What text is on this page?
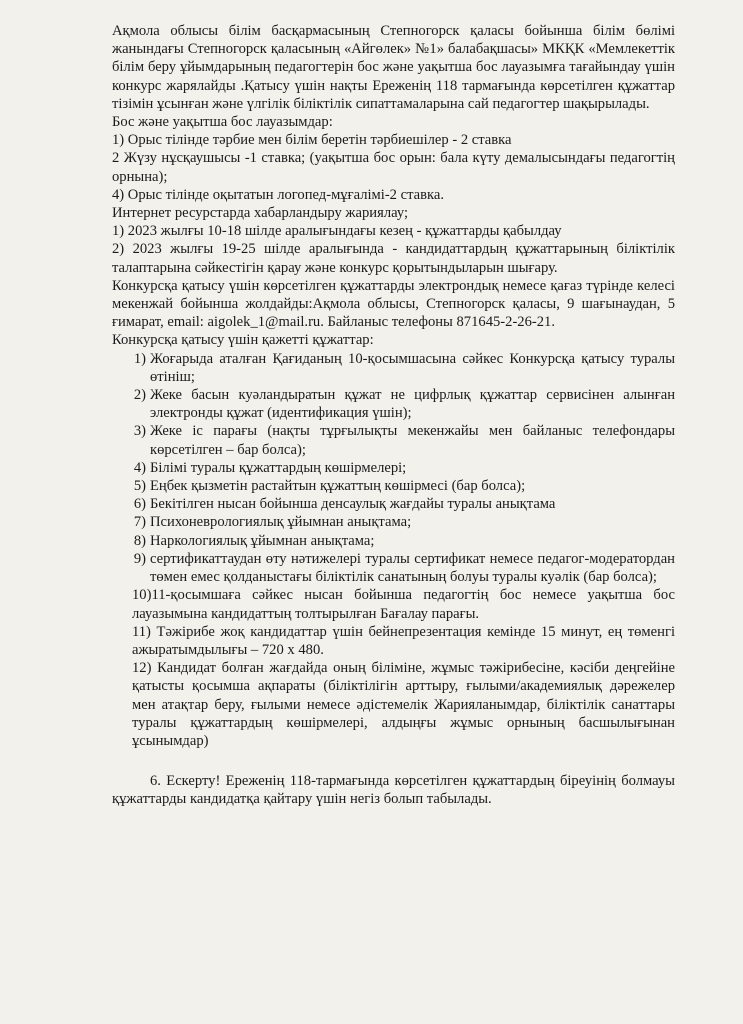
Ақмола облысы білім басқармасының Степногорск қаласы бойынша білім бөлімі жанындағы Степногорск қаласының «Айгөлек» №1» балабақшасы» МКҚК «Мемлекеттік білім беру ұйымдарының педагогтерін бос және уақытша бос лауазымға тағайындау үшін конкурс жарялайды .Қатысу үшін нақты Ереженің 118 тармағында көрсетілген құжаттар тізімін ұсынған және үлгілік біліктілік сипаттамаларына сай педагогтер шақырылады.

Бос және уақытша бос лауазымдар:

1) Орыс тілінде тәрбие мен білім беретін тәрбиешілер - 2 ставка

2 Жүзу нұсқаушысы -1 ставка; (уақытша бос орын: бала күту демалысындағы педагогтің орнына);

4) Орыс тілінде оқытатын логопед-мұғалімі-2 ставка.

Интернет ресурстарда хабарландыру жариялау;

1) 2023 жылғы 10-18 шілде аралығындағы кезең - құжаттарды қабылдау

2) 2023 жылғы 19-25 шілде аралығында - кандидаттардың құжаттарының біліктілік талаптарына сәйкестігін қарау және конкурс қорытындыларын шығару.

Конкурсқа қатысу үшін көрсетілген құжаттарды электрондық немесе қағаз түрінде келесі мекенжай бойынша жолдайды:Ақмола облысы, Степногорск қаласы, 9 шағынаудан, 5 ғимарат, email: aigolek_1@mail.ru. Байланыс телефоны 871645-2-26-21.

Конкурсқа қатысу үшін қажетті құжаттар:

1) Жоғарыда аталған Қағиданың 10-қосымшасына сәйкес Конкурсқа қатысу туралы өтініш;
2) Жеке басын куәландыратын құжат не цифрлық құжаттар сервисінен алынған электронды құжат (идентификация үшін);
3) Жеке іс парағы (нақты тұрғылықты мекенжайы мен байланыс телефондары көрсетілген – бар болса);
4) Білімі туралы құжаттардың көшірмелері;
5) Еңбек қызметін растайтын құжаттың көшірмесі (бар болса);
6) Бекітілген нысан бойынша денсаулық жағдайы туралы анықтама
7) Психоневрологиялық ұйымнан анықтама;
8) Наркологиялық ұйымнан анықтама;
9) сертификаттаудан өту нәтижелері туралы сертификат немесе педагог-модератордан төмен емес қолданыстағы біліктілік санатының болуы туралы куәлік (бар болса);

10)11-қосымшаға сәйкес нысан бойынша педагогтің бос немесе уақытша бос лауазымына кандидаттың толтырылған Бағалау парағы.

11) Тәжірибе жоқ кандидаттар үшін бейнепрезентация кемінде 15 минут, ең төменгі ажыратымдылығы – 720 x 480.

12) Кандидат болған жағдайда оның біліміне, жұмыс тәжірибесіне, кәсіби деңгейіне қатысты қосымша ақпараты (біліктілігін арттыру, ғылыми/академиялық дәрежелер мен атақтар беру, ғылыми немесе әдістемелік Жарияланымдар, біліктілік санаттары туралы құжаттардың көшірмелері, алдыңғы жұмыс орнының басшылығынан ұсынымдар)

6. Ескерту! Ереженің 118-тармағында көрсетілген құжаттардың біреуінің болмауы құжаттарды кандидатқа қайтару үшін негіз болып табылады.
